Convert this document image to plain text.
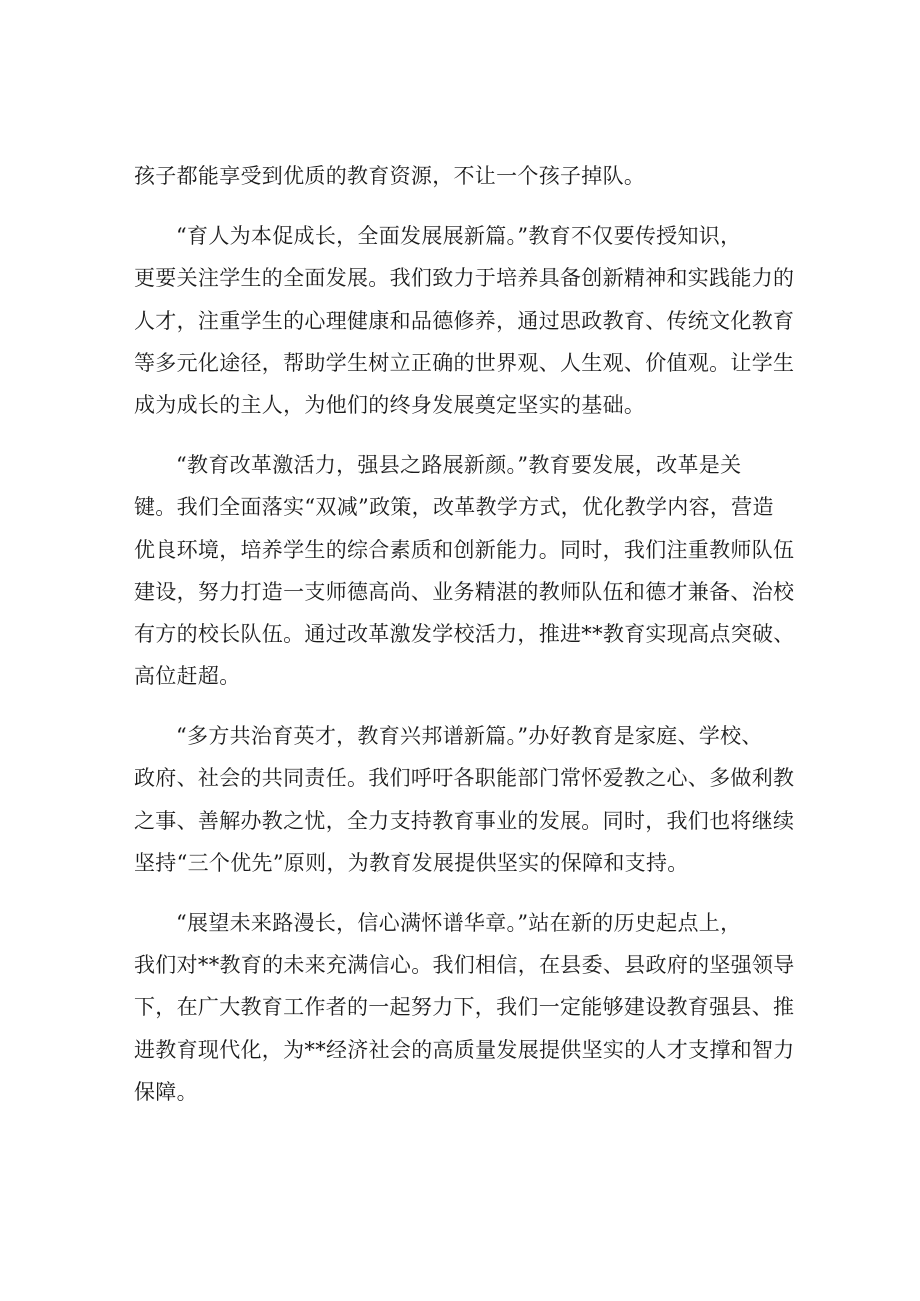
孩子都能享受到优质的教育资源，不让一个孩子掉队。
“育人为本促成长，全面发展展新篇。”教育不仅要传授知识，
更要关注学生的全面发展。我们致力于培养具备创新精神和实践能力的
人才，注重学生的心理健康和品德修养，通过思政教育、传统文化教育
等多元化途径，帮助学生树立正确的世界观、人生观、价值观。让学生
成为成长的主人，为他们的终身发展奠定坚实的基础。
“教育改革激活力，强县之路展新颜。”教育要发展，改革是关
键。我们全面落实“双减”政策，改革教学方式，优化教学内容，营造
优良环境，培养学生的综合素质和创新能力。同时，我们注重教师队伍
建设，努力打造一支师德高尚、业务精湛的教师队伍和德才兼备、治校
有方的校长队伍。通过改革激发学校活力，推进**教育实现高点突破、
高位赶超。
“多方共治育英才，教育兴邦谱新篇。”办好教育是家庭、学校、
政府、社会的共同责任。我们呼吁各职能部门常怀爱教之心、多做利教
之事、善解办教之忧，全力支持教育事业的发展。同时，我们也将继续
坚持“三个优先”原则，为教育发展提供坚实的保障和支持。
“展望未来路漫长，信心满怀谱华章。”站在新的历史起点上，
我们对**教育的未来充满信心。我们相信，在县委、县政府的坚强领导
下，在广大教育工作者的一起努力下，我们一定能够建设教育强县、推
进教育现代化，为**经济社会的高质量发展提供坚实的人才支撑和智力
保障。
